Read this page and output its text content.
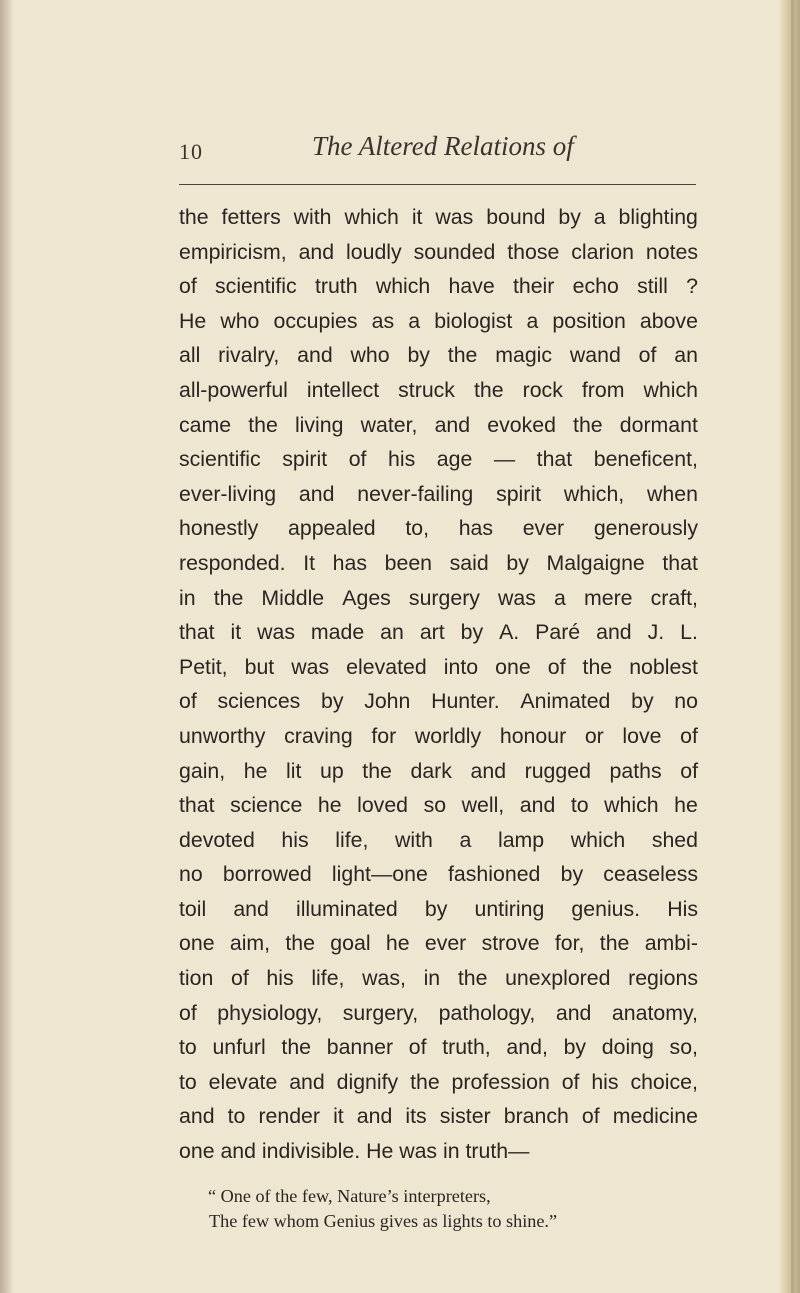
10	The Altered Relations of
the fetters with which it was bound by a blighting
empiricism, and loudly sounded those clarion notes
of scientific truth which have their echo still ?
He who occupies as a biologist a position above
all rivalry, and who by the magic wand of an
all-powerful intellect struck the rock from which
came the living water, and evoked the dormant
scientific spirit of his age — that beneficent,
ever-living and never-failing spirit which, when
honestly appealed to, has ever generously
responded. It has been said by Malgaigne that
in the Middle Ages surgery was a mere craft,
that it was made an art by A. Paré and J. L.
Petit, but was elevated into one of the noblest
of sciences by John Hunter. Animated by no
unworthy craving for worldly honour or love of
gain, he lit up the dark and rugged paths of
that science he loved so well, and to which he
devoted his life, with a lamp which shed
no borrowed light—one fashioned by ceaseless
toil and illuminated by untiring genius. His
one aim, the goal he ever strove for, the ambi-
tion of his life, was, in the unexplored regions
of physiology, surgery, pathology, and anatomy,
to unfurl the banner of truth, and, by doing so,
to elevate and dignify the profession of his choice,
and to render it and its sister branch of medicine
one and indivisible. He was in truth—
“ One of the few, Nature’s interpreters,
The few whom Genius gives as lights to shine.”
